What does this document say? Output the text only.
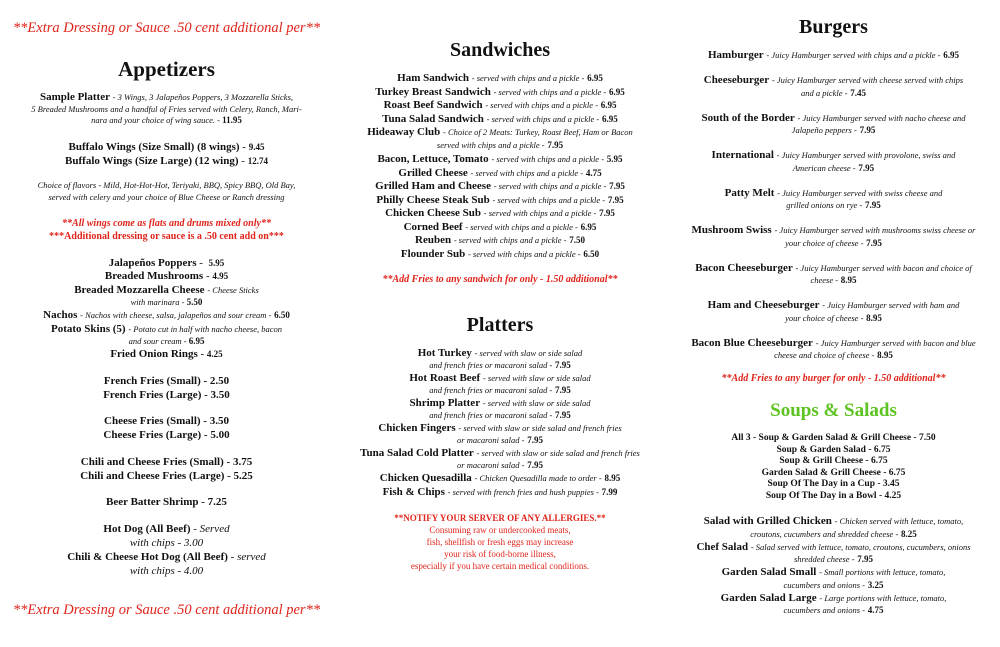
**Extra Dressing or Sauce .50 cent additional per**
Appetizers
Sample Platter - 3 Wings, 3 Jalapeños Poppers, 3 Mozzarella Sticks,
5 Breaded Mushrooms and a handful of Fries served with Celery, Ranch, Mari-
nara and your choice of wing sauce. - 11.95
Buffalo Wings (Size Small) (8 wings) - 9.45
Buffalo Wings (Size Large) (12 wing) - 12.74
Choice of flavors - Mild, Hot-Hot-Hot, Teriyaki, BBQ, Spicy BBQ, Old Bay,
served with celery and your choice of Blue Cheese or Ranch dressing
**All wings come as flats and drums mixed only**
***Additional dressing or sauce is a .50 cent add on***
Jalapeños Poppers -  5.95
Breaded Mushrooms - 4.95
Breaded Mozzarella Cheese - Cheese Sticks
with marinara - 5.50
Nachos - Nachos with cheese, salsa, jalapeños and sour cream - 6.50
Potato Skins (5) - Potato cut in half with nacho cheese, bacon
and sour cream - 6.95
Fried Onion Rings - 4.25
French Fries (Small) - 2.50
French Fries (Large) - 3.50
Cheese Fries (Small) - 3.50
Cheese Fries (Large) - 5.00
Chili and Cheese Fries (Small) - 3.75
Chili and Cheese Fries (Large) - 5.25
Beer Batter Shrimp - 7.25
Hot Dog (All Beef) - Served
with chips - 3.00
Chili & Cheese Hot Dog (All Beef) - served
with chips - 4.00
**Extra Dressing or Sauce .50 cent additional per**
Sandwiches
Ham Sandwich - served with chips and a pickle - 6.95
Turkey Breast Sandwich - served with chips and a pickle - 6.95
Roast Beef Sandwich - served with chips and a pickle - 6.95
Tuna Salad Sandwich - served with chips and a pickle - 6.95
Hideaway Club - Choice of 2 Meats: Turkey, Roast Beef, Ham or Bacon
served with chips and a pickle - 7.95
Bacon, Lettuce, Tomato - served with chips and a pickle - 5.95
Grilled Cheese - served with chips and a pickle - 4.75
Grilled Ham and Cheese - served with chips and a pickle - 7.95
Philly Cheese Steak Sub - served with chips and a pickle - 7.95
Chicken Cheese Sub - served with chips and a pickle - 7.95
Corned Beef - served with chips and a pickle - 6.95
Reuben - served with chips and a pickle - 7.50
Flounder Sub - served with chips and a pickle - 6.50
**Add Fries to any sandwich for only - 1.50 additional**
Platters
Hot Turkey - served with slaw or side salad
and french fries or macaroni salad - 7.95
Hot Roast Beef - served with slaw or side salad
and french fries or macaroni salad - 7.95
Shrimp Platter - served with slaw or side salad
and french fries or macaroni salad - 7.95
Chicken Fingers - served with slaw or side salad and french fries
or macaroni salad - 7.95
Tuna Salad Cold Platter - served with slaw or side salad and french fries
or macaroni salad - 7.95
Chicken Quesadilla - Chicken Quesadilla made to order - 8.95
Fish & Chips - served with french fries and hush puppies - 7.99
**NOTIFY YOUR SERVER OF ANY ALLERGIES.**
Consuming raw or undercooked meats,
fish, shellfish or fresh eggs may increase
your risk of food-borne illness,
especially if you have certain medical conditions.
Burgers
Hamburger - Juicy Hamburger served with chips and a pickle - 6.95
Cheeseburger - Juicy Hamburger served with cheese served with chips
and a pickle - 7.45
South of the Border - Juicy Hamburger served with nacho cheese and
Jalapeño peppers - 7.95
International - Juicy Hamburger served with provolone, swiss and
American cheese - 7.95
Patty Melt - Juicy Hamburger served with swiss cheese and
grilled onions on rye - 7.95
Mushroom Swiss - Juicy Hamburger served with mushrooms swiss cheese or
your choice of cheese - 7.95
Bacon Cheeseburger - Juicy Hamburger served with bacon and choice of
cheese - 8.95
Ham and Cheeseburger - Juicy Hamburger served with ham and
your choice of cheese - 8.95
Bacon Blue Cheeseburger - Juicy Hamburger served with bacon and blue
cheese and choice of cheese - 8.95
**Add Fries to any burger for only - 1.50 additional**
Soups & Salads
All 3 - Soup & Garden Salad & Grill Cheese - 7.50
Soup & Garden Salad - 6.75
Soup & Grill Cheese - 6.75
Garden Salad & Grill Cheese - 6.75
Soup Of The Day in a Cup - 3.45
Soup Of The Day in a Bowl - 4.25
Salad with Grilled Chicken - Chicken served with lettuce, tomato,
croutons, cucumbers and shredded cheese - 8.25
Chef Salad - Salad served with lettuce, tomato, croutons, cucumbers, onions
shredded cheese - 7.95
Garden Salad Small - Small portions with lettuce, tomato,
cucumbers and onions - 3.25
Garden Salad Large - Large portions with lettuce, tomato,
cucumbers and onions - 4.75
